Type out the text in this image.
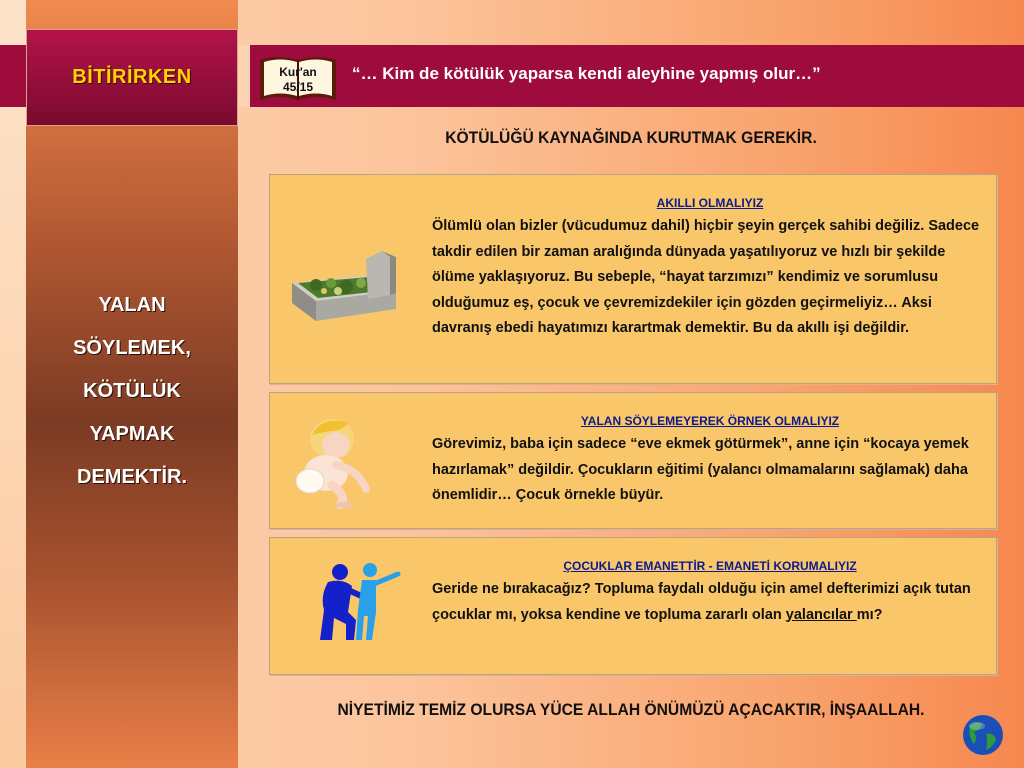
BİTİRİRKEN	Kur'an
45/15
“… Kim de kötülük yaparsa kendi aleyhine yapmış olur…”
KÖTÜLÜĞÜ KAYNAĞINDA KURUTMAK GEREKİR.
YALAN
SÖYLEMEK,
KÖTÜLÜK
YAPMAK
DEMEKTİR.
AKILLI OLMALIYIZ
Ölümlü olan bizler (vücudumuz dahil) hiçbir şeyin gerçek sahibi değiliz. Sadece takdir edilen bir zaman aralığında dünyada yaşatılıyoruz ve hızlı bir şekilde ölüme yaklaşıyoruz. Bu sebeple, “hayat tarzımızı” kendimiz ve sorumlusu olduğumuz eş, çocuk ve çevremizdekiler için gözden geçirmeliyiz… Aksi davranış ebedi hayatımızı karartmak demektir. Bu da akıllı işi değildir.
YALAN SÖYLEMEYEREK ÖRNEK OLMALIYIZ
Görevimiz, baba için sadece “eve ekmek götürmek”, anne için “kocaya yemek hazırlamak” değildir. Çocukların eğitimi (yalancı olmamalarını sağlamak) daha önemlidir… Çocuk örnekle büyür.
ÇOCUKLAR EMANETTİR - EMANETİ KORUMALIYIZ
Geride ne bırakacağız? Topluma faydalı olduğu için amel defterimizi açık tutan çocuklar mı, yoksa kendine ve topluma zararlı olan yalancılar mı?
NİYETİMİZ TEMİZ OLURSA YÜCE ALLAH ÖNÜMÜZÜ AÇACAKTIR, İNŞAALLAH.
